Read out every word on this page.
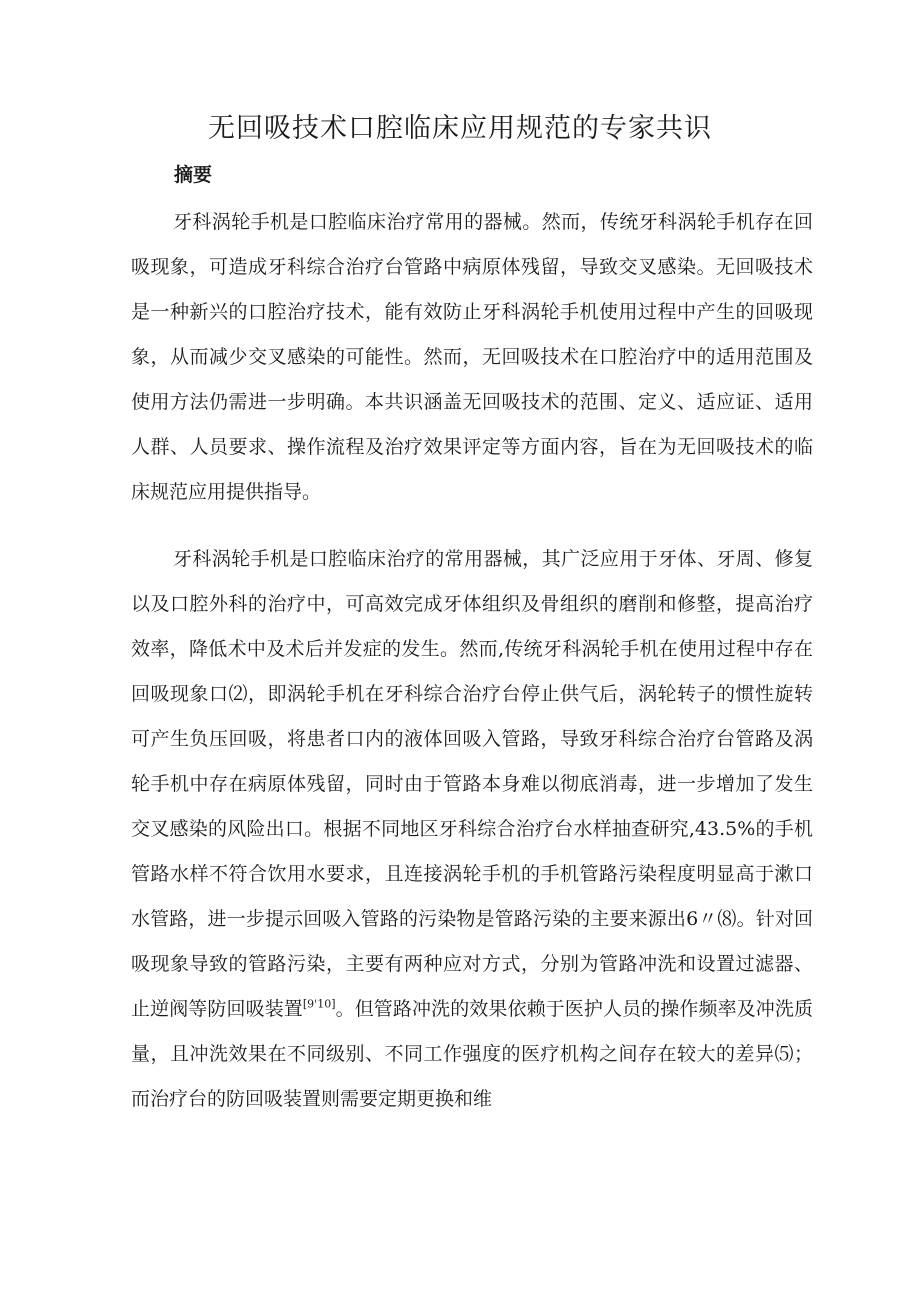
无回吸技术口腔临床应用规范的专家共识
摘要

牙科涡轮手机是口腔临床治疗常用的器械。然而，传统牙科涡轮手机存在回吸现象，可造成牙科综合治疗台管路中病原体残留，导致交叉感染。无回吸技术是一种新兴的口腔治疗技术，能有效防止牙科涡轮手机使用过程中产生的回吸现象，从而减少交叉感染的可能性。然而，无回吸技术在口腔治疗中的适用范围及使用方法仍需进一步明确。本共识涵盖无回吸技术的范围、定义、适应证、适用人群、人员要求、操作流程及治疗效果评定等方面内容，旨在为无回吸技术的临床规范应用提供指导。

牙科涡轮手机是口腔临床治疗的常用器械，其广泛应用于牙体、牙周、修复以及口腔外科的治疗中，可高效完成牙体组织及骨组织的磨削和修整，提高治疗效率，降低术中及术后并发症的发生。然而,传统牙科涡轮手机在使用过程中存在回吸现象口⑵，即涡轮手机在牙科综合治疗台停止供气后，涡轮转子的惯性旋转可产生负压回吸，将患者口内的液体回吸入管路，导致牙科综合治疗台管路及涡轮手机中存在病原体残留，同时由于管路本身难以彻底消毒，进一步增加了发生交叉感染的风险出口。根据不同地区牙科综合治疗台水样抽查研究,43.5%的手机管路水样不符合饮用水要求，且连接涡轮手机的手机管路污染程度明显高于漱口水管路，进一步提示回吸入管路的污染物是管路污染的主要来源出6〃⑻。针对回吸现象导致的管路污染，主要有两种应对方式，分别为管路冲洗和设置过滤器、止逆阀等防回吸装置[9'10]。但管路冲洗的效果依赖于医护人员的操作频率及冲洗质量，且冲洗效果在不同级别、不同工作强度的医疗机构之间存在较大的差异⑸；而治疗台的防回吸装置则需要定期更换和维
